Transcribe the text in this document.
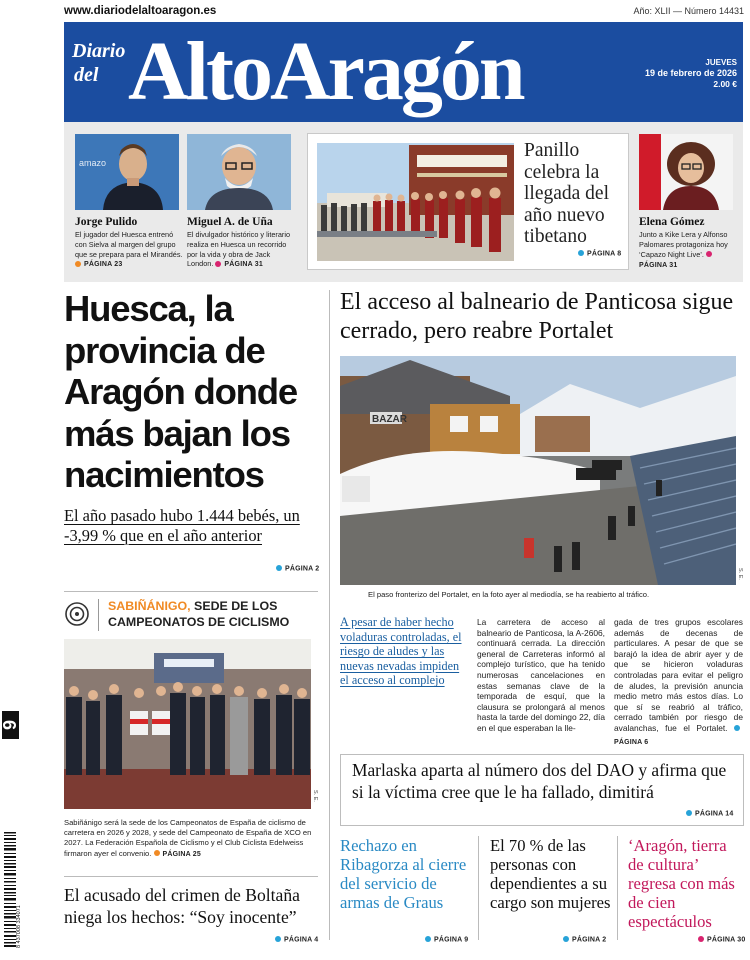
www.diariodelaltoaragon.es	Año: XLII — Número 14431
Diario
del AltoAragón	JUEVES
19 de febrero de 2026
2.00 €
amazo
Jorge Pulido
El jugador del Huesca entrenó con Sielva al margen del grupo que se prepara para el Mirandés. PÁGINA 23
Miguel A. de Uña
El divulgador histórico y literario realiza en Huesca un recorrido por la vida y obra de Jack London. PÁGINA 31
Panillo celebra la llegada del año nuevo tibetano
PÁGINA 8
Elena Gómez
Junto a Kike Lera y Alfonso Palomares protagoniza hoy ‘Capazo Night Live’. PÁGINA 31
Huesca, la provincia de Aragón donde más bajan los nacimientos
El año pasado hubo 1.444 bebés, un -3,99 % que en el año anterior
PÁGINA 2
SABIÑÁNIGO, SEDE DE LOS CAMPEONATOS DE CICLISMO
S. E.
Sabiñánigo será la sede de los Campeonatos de España de ciclismo de carretera en 2026 y 2028, y sede del Campeonato de España de XCO en 2027. La Federación Española de Ciclismo y el Club Ciclista Edelweiss firmaron ayer el convenio. PÁGINA 25
El acusado del crimen de Boltaña niega los hechos: “Soy inocente”
PÁGINA 4
El acceso al balneario de Panticosa sigue cerrado, pero reabre Portalet
BAZAR
S. E.
El paso fronterizo del Portalet, en la foto ayer al mediodía, se ha reabierto al tráfico.
A pesar de haber hecho voladuras controladas, el riesgo de aludes y las nuevas nevadas impiden el acceso al complejo
La carretera de acceso al balneario de Panticosa, la A-2606, continuará cerrada. La dirección general de Carreteras informó al complejo turístico, que ha tenido numerosas cancelaciones en estas semanas clave de la temporada de esquí, que la clausura se prolongará al menos hasta la tarde del domingo 22, día en el que esperaban la lle-
gada de tres grupos escolares además de decenas de particulares. A pesar de que se barajó la idea de abrir ayer y de que se hicieron voladuras controladas para evitar el peligro de aludes, la previsión anuncia medio metro más estos días. Lo que sí se reabrió al tráfico, cerrado también por riesgo de avalanchas, fue el Portalet. PÁGINA 6
Marlaska aparta al número dos del DAO y afirma que si la víctima cree que le ha fallado, dimitirá
PÁGINA 14
Rechazo en Ribagorza al cierre del servicio de armas de Graus
PÁGINA 9
El 70 % de las personas con dependientes a su cargo son mujeres
PÁGINA 2
‘Aragón, tierra de cultura’ regresa con más de cien espectáculos
PÁGINA 30
9
8 437008 334071
